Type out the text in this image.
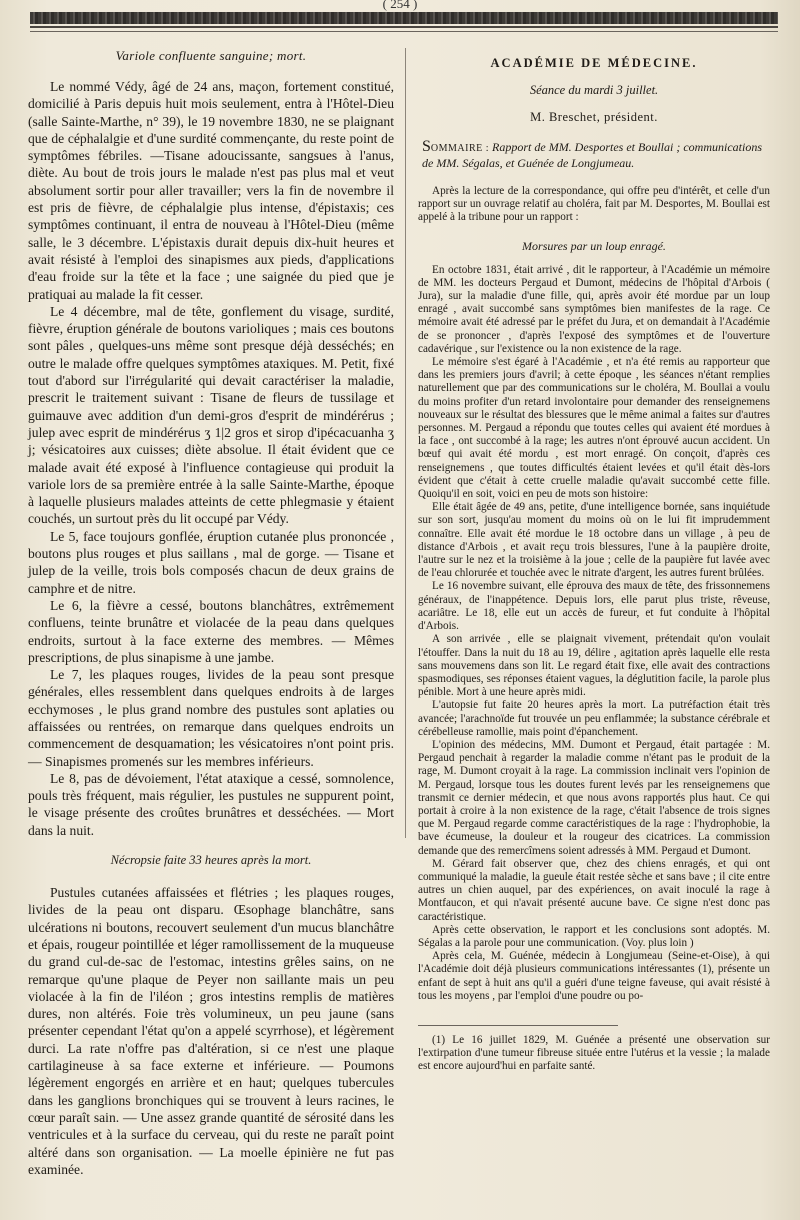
( 254 )
Variole confluente sanguine; mort.

Le nommé Védy, âgé de 24 ans, maçon, fortement constitué, domicilié à Paris depuis huit mois seulement, entra à l'Hôtel-Dieu (salle Sainte-Marthe, n° 39), le 19 novembre 1830, ne se plaignant que de céphalalgie et d'une surdité commençante, du reste point de symptômes fébriles. —Tisane adoucissante, sangsues à l'anus, diète. Au bout de trois jours le malade n'est pas plus mal et veut absolument sortir pour aller travailler; vers la fin de novembre il est pris de fièvre, de céphalalgie plus intense, d'épistaxis; ces symptômes continuant, il entra de nouveau à l'Hôtel-Dieu (même salle, le 3 décembre. L'épistaxis durait depuis dix-huit heures et avait résisté à l'emploi des sinapismes aux pieds, d'applications d'eau froide sur la tête et la face ; une saignée du pied que je pratiquai au malade la fit cesser.

Le 4 décembre, mal de tête, gonflement du visage, surdité, fièvre, éruption générale de boutons varioliques ; mais ces boutons sont pâles , quelques-uns même sont presque déjà desséchés; en outre le malade offre quelques symptômes ataxiques. M. Petit, fixé tout d'abord sur l'irrégularité qui devait caractériser la maladie, prescrit le traitement suivant : Tisane de fleurs de tussilage et guimauve avec addition d'un demi-gros d'esprit de mindérérus ; julep avec esprit de mindérérus ʒ 1|2 gros et sirop d'ipécacuanha ʒ j; vésicatoires aux cuisses; diète absolue. Il était évident que ce malade avait été exposé à l'influence contagieuse qui produit la variole lors de sa première entrée à la salle Sainte-Marthe, époque à laquelle plusieurs malades atteints de cette phlegmasie y étaient couchés, un surtout près du lit occupé par Védy.

Le 5, face toujours gonflée, éruption cutanée plus prononcée , boutons plus rouges et plus saillans , mal de gorge. — Tisane et julep de la veille, trois bols composés chacun de deux grains de camphre et de nitre.

Le 6, la fièvre a cessé, boutons blanchâtres, extrêmement confluens, teinte brunâtre et violacée de la peau dans quelques endroits, surtout à la face externe des membres. — Mêmes prescriptions, de plus sinapisme à une jambe.

Le 7, les plaques rouges, livides de la peau sont presque générales, elles ressemblent dans quelques endroits à de larges ecchymoses , le plus grand nombre des pustules sont aplaties ou affaissées ou rentrées, on remarque dans quelques endroits un commencement de desquamation; les vésicatoires n'ont point pris. — Sinapismes promenés sur les membres inférieurs.

Le 8, pas de dévoiement, l'état ataxique a cessé, somnolence, pouls très fréquent, mais régulier, les pustules ne suppurent point, le visage présente des croûtes brunâtres et desséchées. — Mort dans la nuit.

Nécropsie faite 33 heures après la mort.

Pustules cutanées affaissées et flétries ; les plaques rouges, livides de la peau ont disparu. Œsophage blanchâtre, sans ulcérations ni boutons, recouvert seulement d'un mucus blanchâtre et épais, rougeur pointillée et léger ramollissement de la muqueuse du grand cul-de-sac de l'estomac, intestins grêles sains, on ne remarque qu'une plaque de Peyer non saillante mais un peu violacée à la fin de l'iléon ; gros intestins remplis de matières dures, non altérés. Foie très volumineux, un peu jaune (sans présenter cependant l'état qu'on a appelé scyrrhose), et légèrement durci. La rate n'offre pas d'altération, si ce n'est une plaque cartilagineuse à sa face externe et inférieure. — Poumons légèrement engorgés en arrière et en haut; quelques tubercules dans les ganglions bronchiques qui se trouvent à leurs racines, le cœur paraît sain. — Une assez grande quantité de sérosité dans les ventricules et à la surface du cerveau, qui du reste ne paraît point altéré dans son organisation. — La moelle épinière ne fut pas examinée.

ACADÉMIE DE MÉDECINE.
Séance du mardi 3 juillet.
M. Breschet, président.
SOMMAIRE : Rapport de MM. Desportes et Boullai ; communications de MM. Ségalas, et Guénée de Longjumeau.

Après la lecture de la correspondance, qui offre peu d'intérêt, et celle d'un rapport sur un ouvrage relatif au choléra, fait par M. Desportes, M. Boullai est appelé à la tribune pour un rapport :

Morsures par un loup enragé.

En octobre 1831, était arrivé , dit le rapporteur, à l'Académie un mémoire de MM. les docteurs Pergaud et Dumont, médecins de l'hôpital d'Arbois ( Jura), sur la maladie d'une fille, qui, après avoir été mordue par un loup enragé , avait succombé sans symptômes bien manifestes de la rage. Ce mémoire avait été adressé par le préfet du Jura, et on demandait à l'Académie de se prononcer , d'après l'exposé des symptômes et de l'ouverture cadavérique , sur l'existence ou la non existence de la rage.

Le mémoire s'est égaré à l'Académie , et n'a été remis au rapporteur que dans les premiers jours d'avril; à cette époque , les séances n'étant remplies naturellement que par des communications sur le choléra, M. Boullai a voulu du moins profiter d'un retard involontaire pour demander des renseignemens nouveaux sur le résultat des blessures que le même animal a faites sur d'autres personnes. M. Pergaud a répondu que toutes celles qui avaient été mordues à la face , ont succombé à la rage; les autres n'ont éprouvé aucun accident. Un bœuf qui avait été mordu , est mort enragé. On conçoit, d'après ces renseignemens , que toutes difficultés étaient levées et qu'il était dès-lors évident que c'était à cette cruelle maladie qu'avait succombé cette fille. Quoiqu'il en soit, voici en peu de mots son histoire:

Elle était âgée de 49 ans, petite, d'une intelligence bornée, sans inquiétude sur son sort, jusqu'au moment du moins où on le lui fit imprudemment connaître. Elle avait été mordue le 18 octobre dans un village , à peu de distance d'Arbois , et avait reçu trois blessures, l'une à la paupière droite, l'autre sur le nez et la troisième à la joue ; celle de la paupière fut lavée avec de l'eau chlorurée et touchée avec le nitrate d'argent, les autres furent brûlées.

Le 16 novembre suivant, elle éprouva des maux de tête, des frissonnemens généraux, de l'inappétence. Depuis lors, elle parut plus triste, rêveuse, acariâtre. Le 18, elle eut un accès de fureur, et fut conduite à l'hôpital d'Arbois.

A son arrivée , elle se plaignait vivement, prétendait qu'on voulait l'étouffer. Dans la nuit du 18 au 19, délire , agitation après laquelle elle resta sans mouvemens dans son lit. Le regard était fixe, elle avait des contractions spasmodiques, ses réponses étaient vagues, la déglutition facile, la parole plus pénible. Mort à une heure après midi.

L'autopsie fut faite 20 heures après la mort. La putréfaction était très avancée; l'arachnoïde fut trouvée un peu enflammée; la substance cérébrale et cérébelleuse ramollie, mais point d'épanchement.

L'opinion des médecins, MM. Dumont et Pergaud, était partagée : M. Pergaud penchait à regarder la maladie comme n'étant pas le produit de la rage, M. Dumont croyait à la rage. La commission inclinait vers l'opinion de M. Pergaud, lorsque tous les doutes furent levés par les renseignemens que transmit ce dernier médecin, et que nous avons rapportés plus haut. Ce qui portait à croire à la non existence de la rage, c'était l'absence de trois signes que M. Pergaud regarde comme caractéristiques de la rage : l'hydrophobie, la bave écumeuse, la douleur et la rougeur des cicatrices. La commission demande que des remercîmens soient adressés à MM. Pergaud et Dumont.

M. Gérard fait observer que, chez des chiens enragés, et qui ont communiqué la maladie, la gueule était restée sèche et sans bave ; il cite entre autres un chien auquel, par des expériences, on avait inoculé la rage à Montfaucon, et qui n'avait présenté aucune bave. Ce signe n'est donc pas caractéristique.

Après cette observation, le rapport et les conclusions sont adoptés. M. Ségalas a la parole pour une communication. (Voy. plus loin )

Après cela, M. Guénée, médecin à Longjumeau (Seine-et-Oise), à qui l'Académie doit déjà plusieurs communications intéressantes (1), présente un enfant de sept à huit ans qu'il a guéri d'une teigne faveuse, qui avait résisté à tous les moyens , par l'emploi d'une poudre ou po-

(1) Le 16 juillet 1829, M. Guénée a présenté une observation sur l'extirpation d'une tumeur fibreuse située entre l'utérus et la vessie ; la malade est encore aujourd'hui en parfaite santé.
